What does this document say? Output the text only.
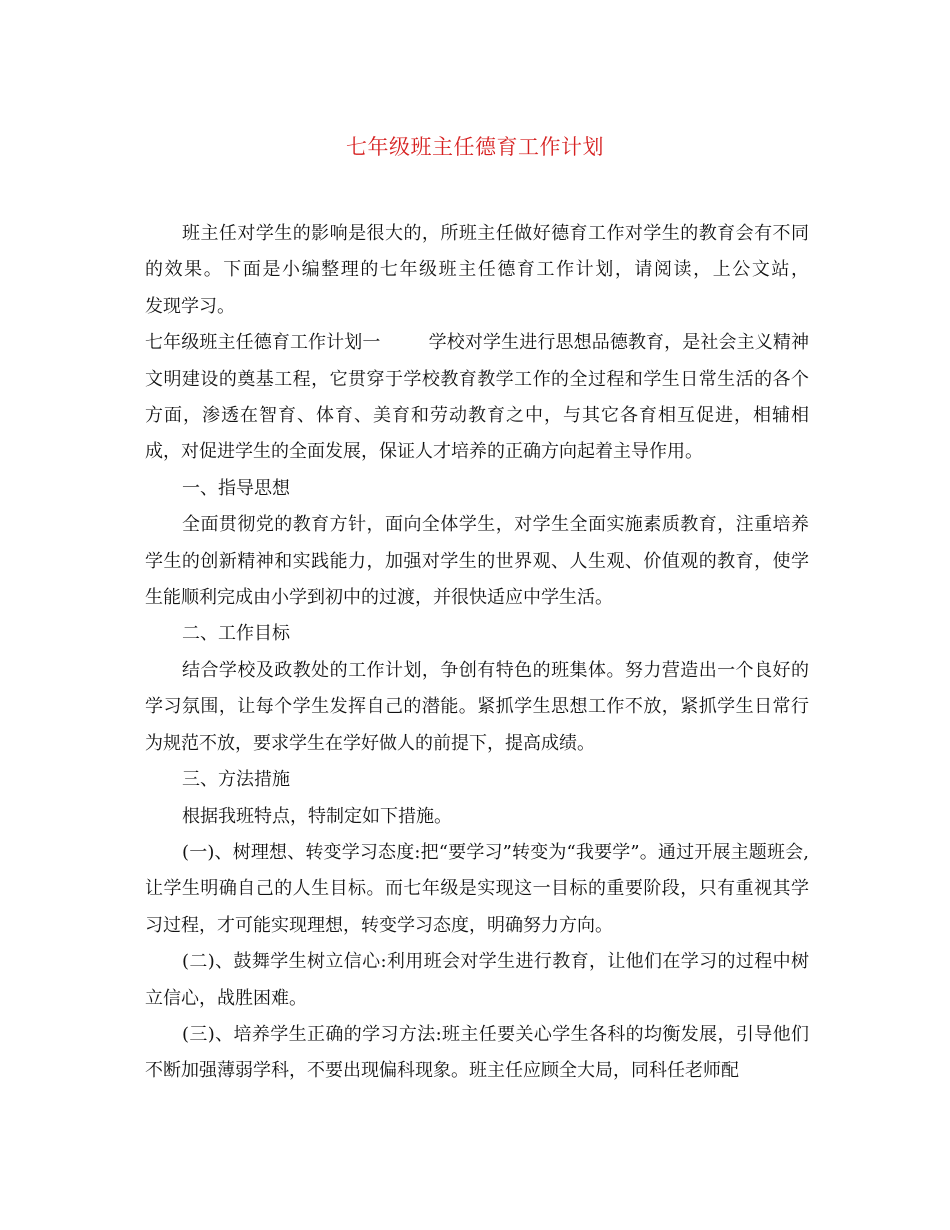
七年级班主任德育工作计划

班主任对学生的影响是很大的，所班主任做好德育工作对学生的教育会有不同的效果。下面是小编整理的七年级班主任德育工作计划，请阅读，上公文站，

发现学习。

七年级班主任德育工作计划一	学校对学生进行思想品德教育，是社会主义精神文明建设的奠基工程，它贯穿于学校教育教学工作的全过程和学生日常生活的各个方面，渗透在智育、体育、美育和劳动教育之中，与其它各育相互促进，相辅相成，对促进学生的全面发展，保证人才培养的正确方向起着主导作用。

一、指导思想

全面贯彻党的教育方针，面向全体学生，对学生全面实施素质教育，注重培养学生的创新精神和实践能力，加强对学生的世界观、人生观、价值观的教育，使学生能顺利完成由小学到初中的过渡，并很快适应中学生活。

二、工作目标

结合学校及政教处的工作计划，争创有特色的班集体。努力营造出一个良好的学习氛围，让每个学生发挥自己的潜能。紧抓学生思想工作不放，紧抓学生日常行为规范不放，要求学生在学好做人的前提下，提高成绩。

三、方法措施

根据我班特点，特制定如下措施。

(一)、树理想、转变学习态度:把“要学习”转变为“我要学”。通过开展主题班会,让学生明确自己的人生目标。而七年级是实现这一目标的重要阶段，只有重视其学习过程，才可能实现理想，转变学习态度，明确努力方向。

(二)、鼓舞学生树立信心:利用班会对学生进行教育，让他们在学习的过程中树立信心，战胜困难。

(三)、培养学生正确的学习方法:班主任要关心学生各科的均衡发展，引导他们不断加强薄弱学科，不要出现偏科现象。班主任应顾全大局，同科任老师配
